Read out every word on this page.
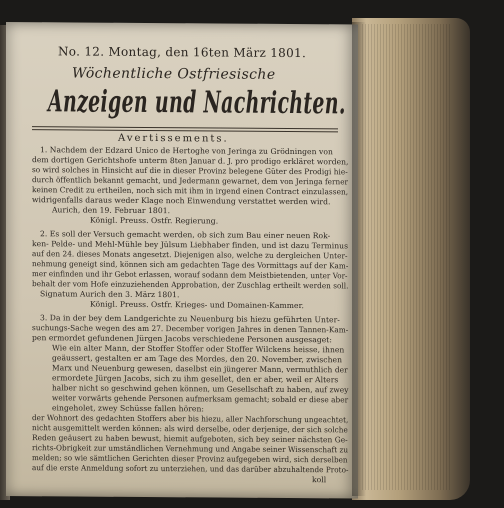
No. 12. Montag, den 16ten März 1801.
Wöchentliche Ostfriesische
Anzeigen und Nachrichten.
Avertissements.
1. Nachdem der Edzard Unico de Hertoghe von Jeringa zu Grödningen von
dem dortigen Gerichtshofe unterm 8ten Januar d. J. pro prodigo erkläret worden,
so wird solches in Hinsicht auf die in dieser Provinz belegene Güter des Prodigi hie-
durch öffentlich bekannt gemacht, und Jedermann gewarnet, dem von Jeringa ferner
keinen Credit zu ertheilen, noch sich mit ihm in irgend einen Contract einzulassen,
widrigenfalls daraus weder Klage noch Einwendung verstattet werden wird.
Aurich, den 19. Februar 1801.
Königl. Preuss. Ostfr. Regierung.
2. Es soll der Versuch gemacht werden, ob sich zum Bau einer neuen Rok-
ken- Pelde- und Mehl-Mühle bey Jülsum Liebhaber finden, und ist dazu Terminus
auf den 24. dieses Monats angesetzt. Diejenigen also, welche zu dergleichen Unter-
nehmung geneigt sind, können sich am gedachten Tage des Vormittags auf der Kam-
mer einfinden und ihr Gebot erlassen, worauf sodann dem Meistbietenden, unter Vor-
behalt der vom Hofe einzuziehenden Approbation, der Zuschlag ertheilt werden soll.
Signatum Aurich den 3. März 1801.
Königl. Preuss. Ostfr. Krieges- und Domainen-Kammer.
3. Da in der bey dem Landgerichte zu Neuenburg bis hiezu geführten Unter-
suchungs-Sache wegen des am 27. December vorigen Jahres in denen Tannen-Kam-
pen ermordet gefundenen Jürgen Jacobs verschiedene Personen ausgesaget:
Wie ein alter Mann, der Stoffer Stoffer oder Stoffer Wilckens heisse, ihnen
geäussert, gestalten er am Tage des Mordes, den 20. November, zwischen
Marx und Neuenburg gewesen, daselbst ein jüngerer Mann, vermuthlich der
ermordete Jürgen Jacobs, sich zu ihm gesellet, den er aber, weil er Alters
halber nicht so geschwind gehen können, um Gesellschaft zu haben, auf zwey
weiter vorwärts gehende Personen aufmerksam gemacht; sobald er diese aber
eingeholet, zwey Schüsse fallen hören:
der Wohnort des gedachten Stoffers aber bis hiezu, aller Nachforschung ungeachtet,
nicht ausgemittelt werden können: als wird derselbe, oder derjenige, der sich solche
Reden geäusert zu haben bewust, hiemit aufgeboten, sich bey seiner nächsten Ge-
richts-Obrigkeit zur umständlichen Vernehmung und Angabe seiner Wissenschaft zu
melden; so wie sämtlichen Gerichten dieser Provinz aufgegeben wird, sich derselben
auf die erste Anmeldung sofort zu unterziehen, und das darüber abzuhaltende Proto-
koll
